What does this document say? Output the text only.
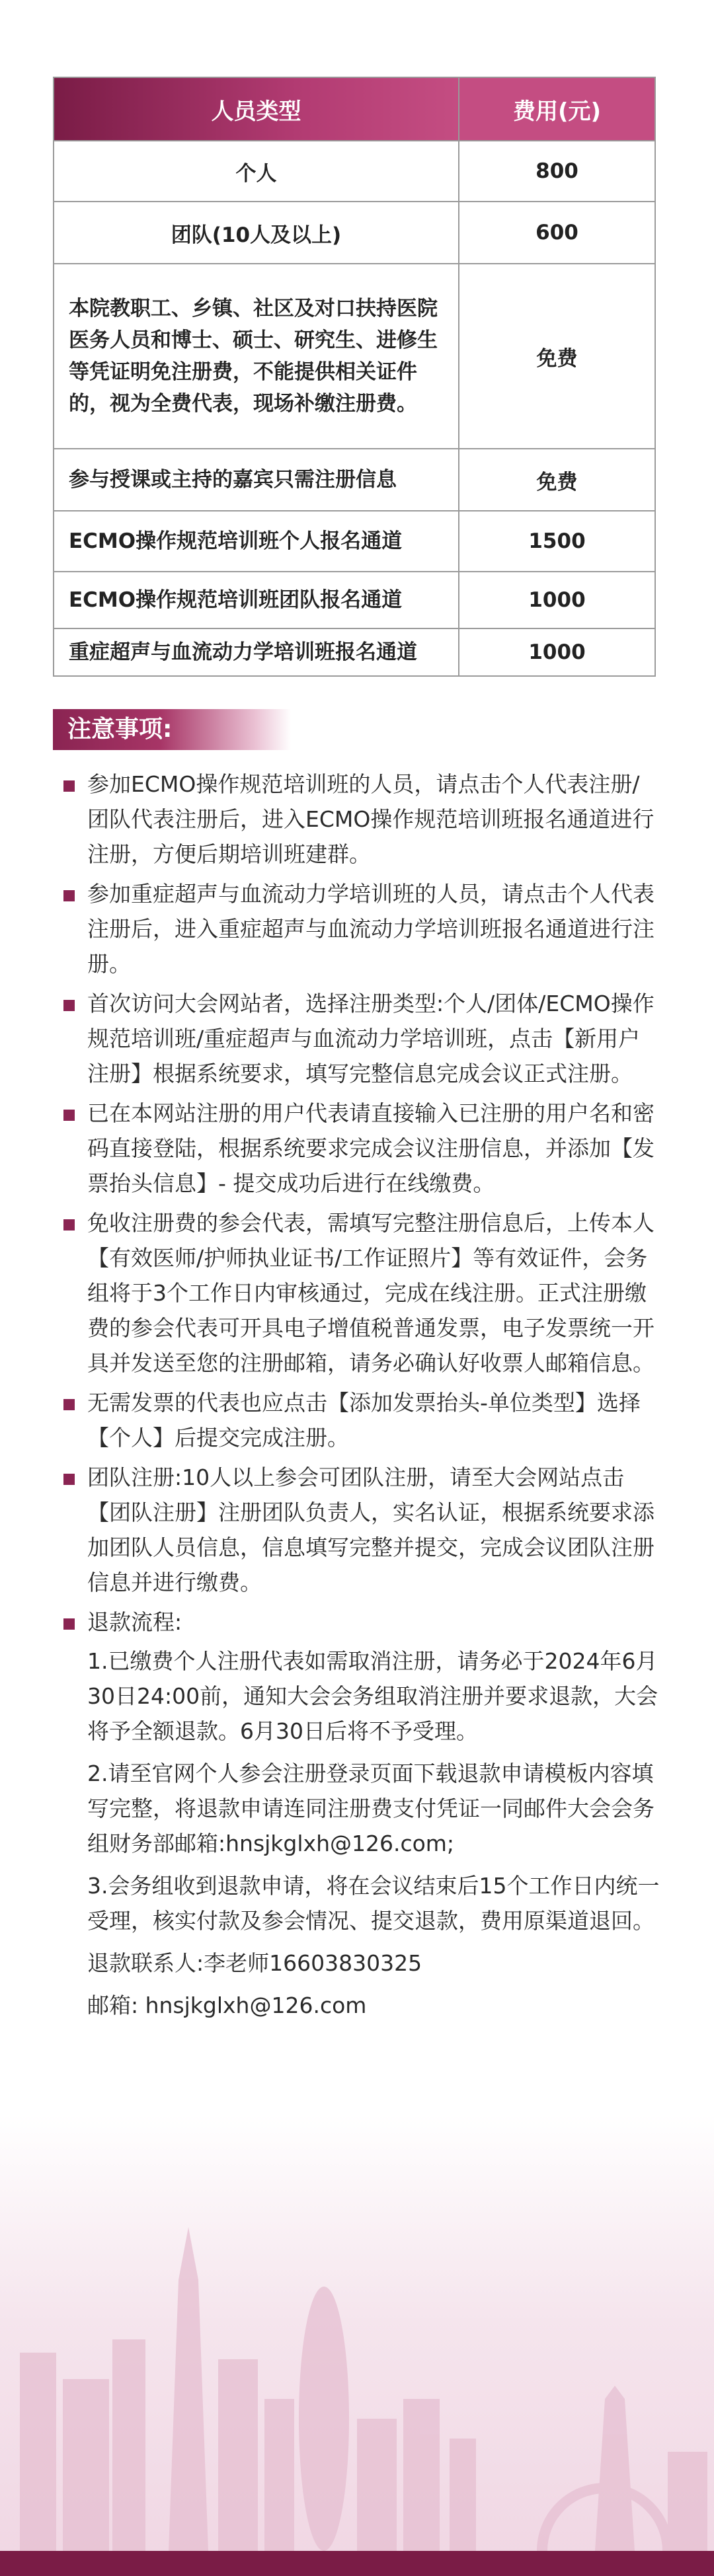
人员类型	费用(元)
个人	800
团队(10人及以上)	600
本院教职工、乡镇、社区及对口扶持医院医务人员和博士、硕士、研究生、进修生等凭证明免注册费，不能提供相关证件的，视为全费代表，现场补缴注册费。	免费
参与授课或主持的嘉宾只需注册信息	免费
ECMO操作规范培训班个人报名通道	1500
ECMO操作规范培训班团队报名通道	1000
重症超声与血流动力学培训班报名通道	1000
注意事项:
参加ECMO操作规范培训班的人员，请点击个人代表注册/团队代表注册后，进入ECMO操作规范培训班报名通道进行注册，方便后期培训班建群。
参加重症超声与血流动力学培训班的人员，请点击个人代表注册后，进入重症超声与血流动力学培训班报名通道进行注册。
首次访问大会网站者，选择注册类型:个人/团体/ECMO操作规范培训班/重症超声与血流动力学培训班，点击【新用户注册】根据系统要求，填写完整信息完成会议正式注册。
已在本网站注册的用户代表请直接输入已注册的用户名和密码直接登陆，根据系统要求完成会议注册信息，并添加【发票抬头信息】- 提交成功后进行在线缴费。
免收注册费的参会代表，需填写完整注册信息后，上传本人【有效医师/护师执业证书/工作证照片】等有效证件，会务组将于3个工作日内审核通过，完成在线注册。正式注册缴费的参会代表可开具电子增值税普通发票，电子发票统一开具并发送至您的注册邮箱，请务必确认好收票人邮箱信息。
无需发票的代表也应点击【添加发票抬头-单位类型】选择【个人】后提交完成注册。
团队注册:10人以上参会可团队注册，请至大会网站点击【团队注册】注册团队负责人，实名认证，根据系统要求添加团队人员信息，信息填写完整并提交，完成会议团队注册信息并进行缴费。
退款流程:
1.已缴费个人注册代表如需取消注册，请务必于2024年6月30日24:00前，通知大会会务组取消注册并要求退款，大会将予全额退款。6月30日后将不予受理。
2.请至官网个人参会注册登录页面下载退款申请模板内容填写完整，将退款申请连同注册费支付凭证一同邮件大会会务组财务部邮箱:hnsjkglxh@126.com;
3.会务组收到退款申请，将在会议结束后15个工作日内统一受理，核实付款及参会情况、提交退款，费用原渠道退回。
退款联系人:李老师16603830325
邮箱: hnsjkglxh@126.com
